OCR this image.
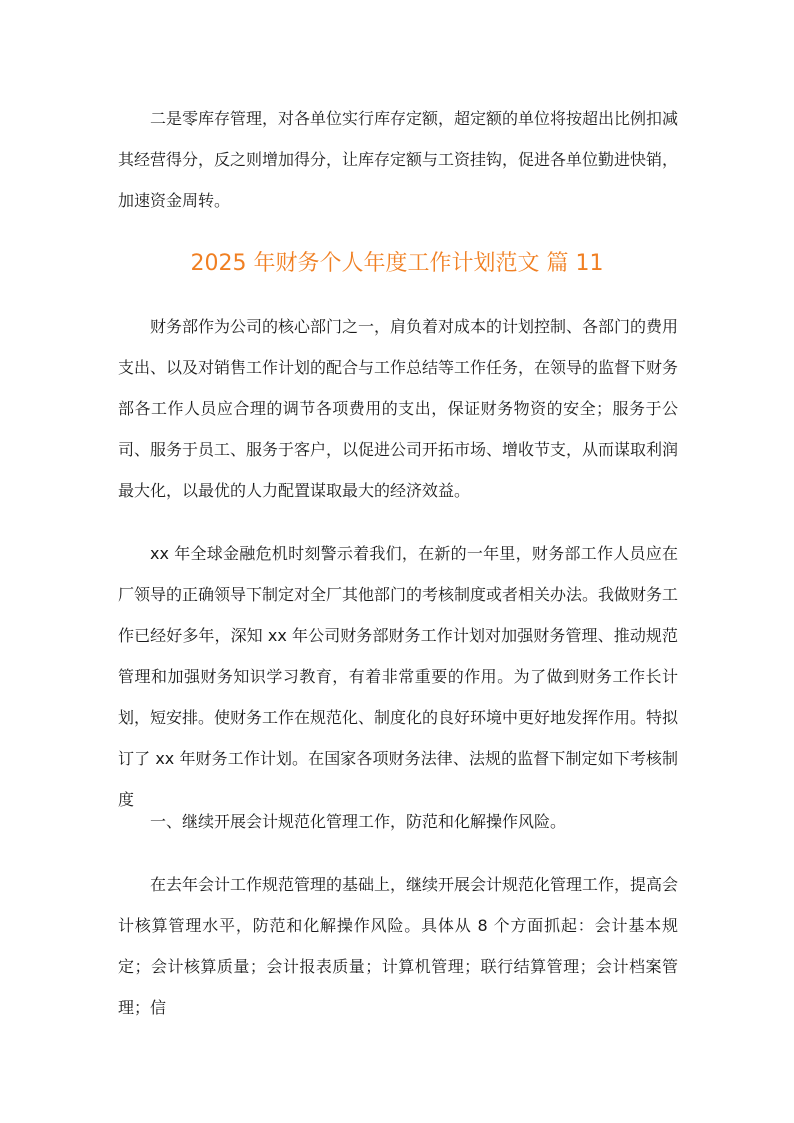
二是零库存管理，对各单位实行库存定额，超定额的单位将按超出比例扣减其经营得分，反之则增加得分，让库存定额与工资挂钩，促进各单位勤进快销，加速资金周转。

2025 年财务个人年度工作计划范文 篇 11

财务部作为公司的核心部门之一，肩负着对成本的计划控制、各部门的费用支出、以及对销售工作计划的配合与工作总结等工作任务，在领导的监督下财务部各工作人员应合理的调节各项费用的支出，保证财务物资的安全；服务于公司、服务于员工、服务于客户，以促进公司开拓市场、增收节支，从而谋取利润最大化，以最优的人力配置谋取最大的经济效益。

xx 年全球金融危机时刻警示着我们，在新的一年里，财务部工作人员应在厂领导的正确领导下制定对全厂其他部门的考核制度或者相关办法。我做财务工作已经好多年，深知 xx 年公司财务部财务工作计划对加强财务管理、推动规范管理和加强财务知识学习教育，有着非常重要的作用。为了做到财务工作长计划，短安排。使财务工作在规范化、制度化的良好环境中更好地发挥作用。特拟订了 xx 年财务工作计划。在国家各项财务法律、法规的监督下制定如下考核制度

一、继续开展会计规范化管理工作，防范和化解操作风险。

在去年会计工作规范管理的基础上，继续开展会计规范化管理工作，提高会计核算管理水平，防范和化解操作风险。具体从 8 个方面抓起：会计基本规定；会计核算质量；会计报表质量；计算机管理；联行结算管理；会计档案管理；信
